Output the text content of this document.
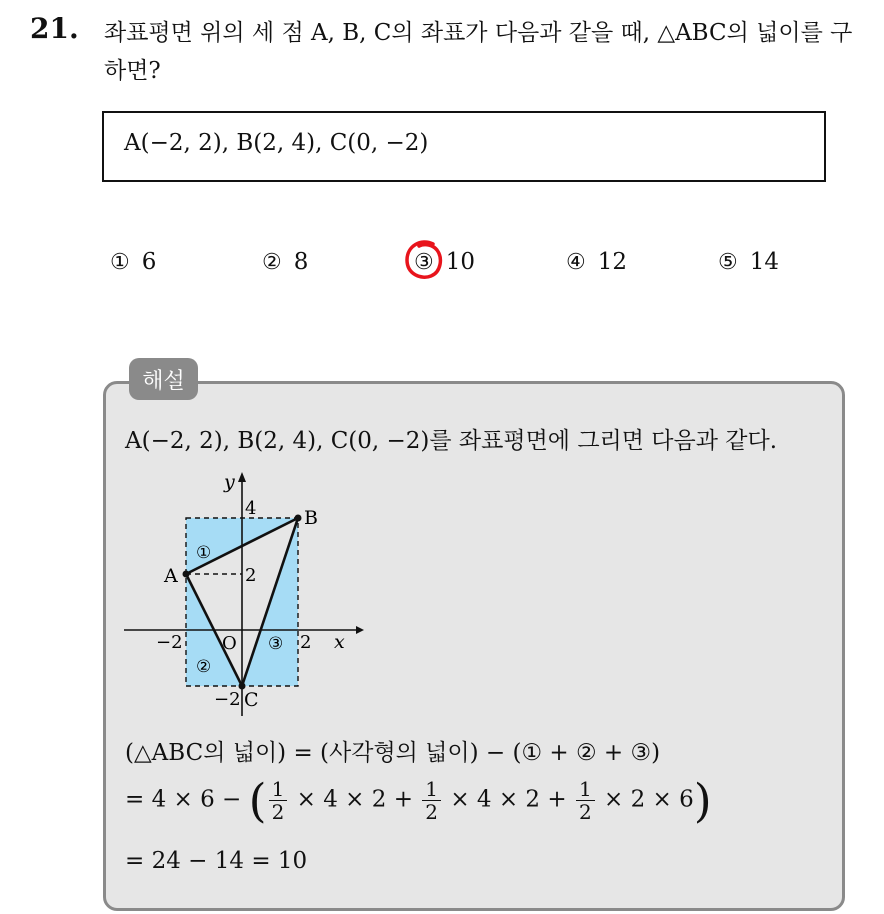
21. 좌표평면 위의 세 점 A, B, C의 좌표가 다음과 같을 때, △ABC의 넓이를 구하면?
A(−2, 2), B(2, 4), C(0, −2)
① 6	② 8	③ 10	④ 12	⑤ 14
해설
A(−2, 2), B(2, 4), C(0, −2)를 좌표평면에 그리면 다음과 같다.
y
x
4
2
−2	2
−2
O
A
B
C
①
②
③
(△ABC의 넓이) = (사각형의 넓이) − (① + ② + ③)
= 4 × 6 − ( $\frac{1}{2} \times 4 \times 2 + \frac{1}{2} \times 4 \times 2 + \frac{1}{2} \times 2 \times 6$)
= 24 − 14 = 10
